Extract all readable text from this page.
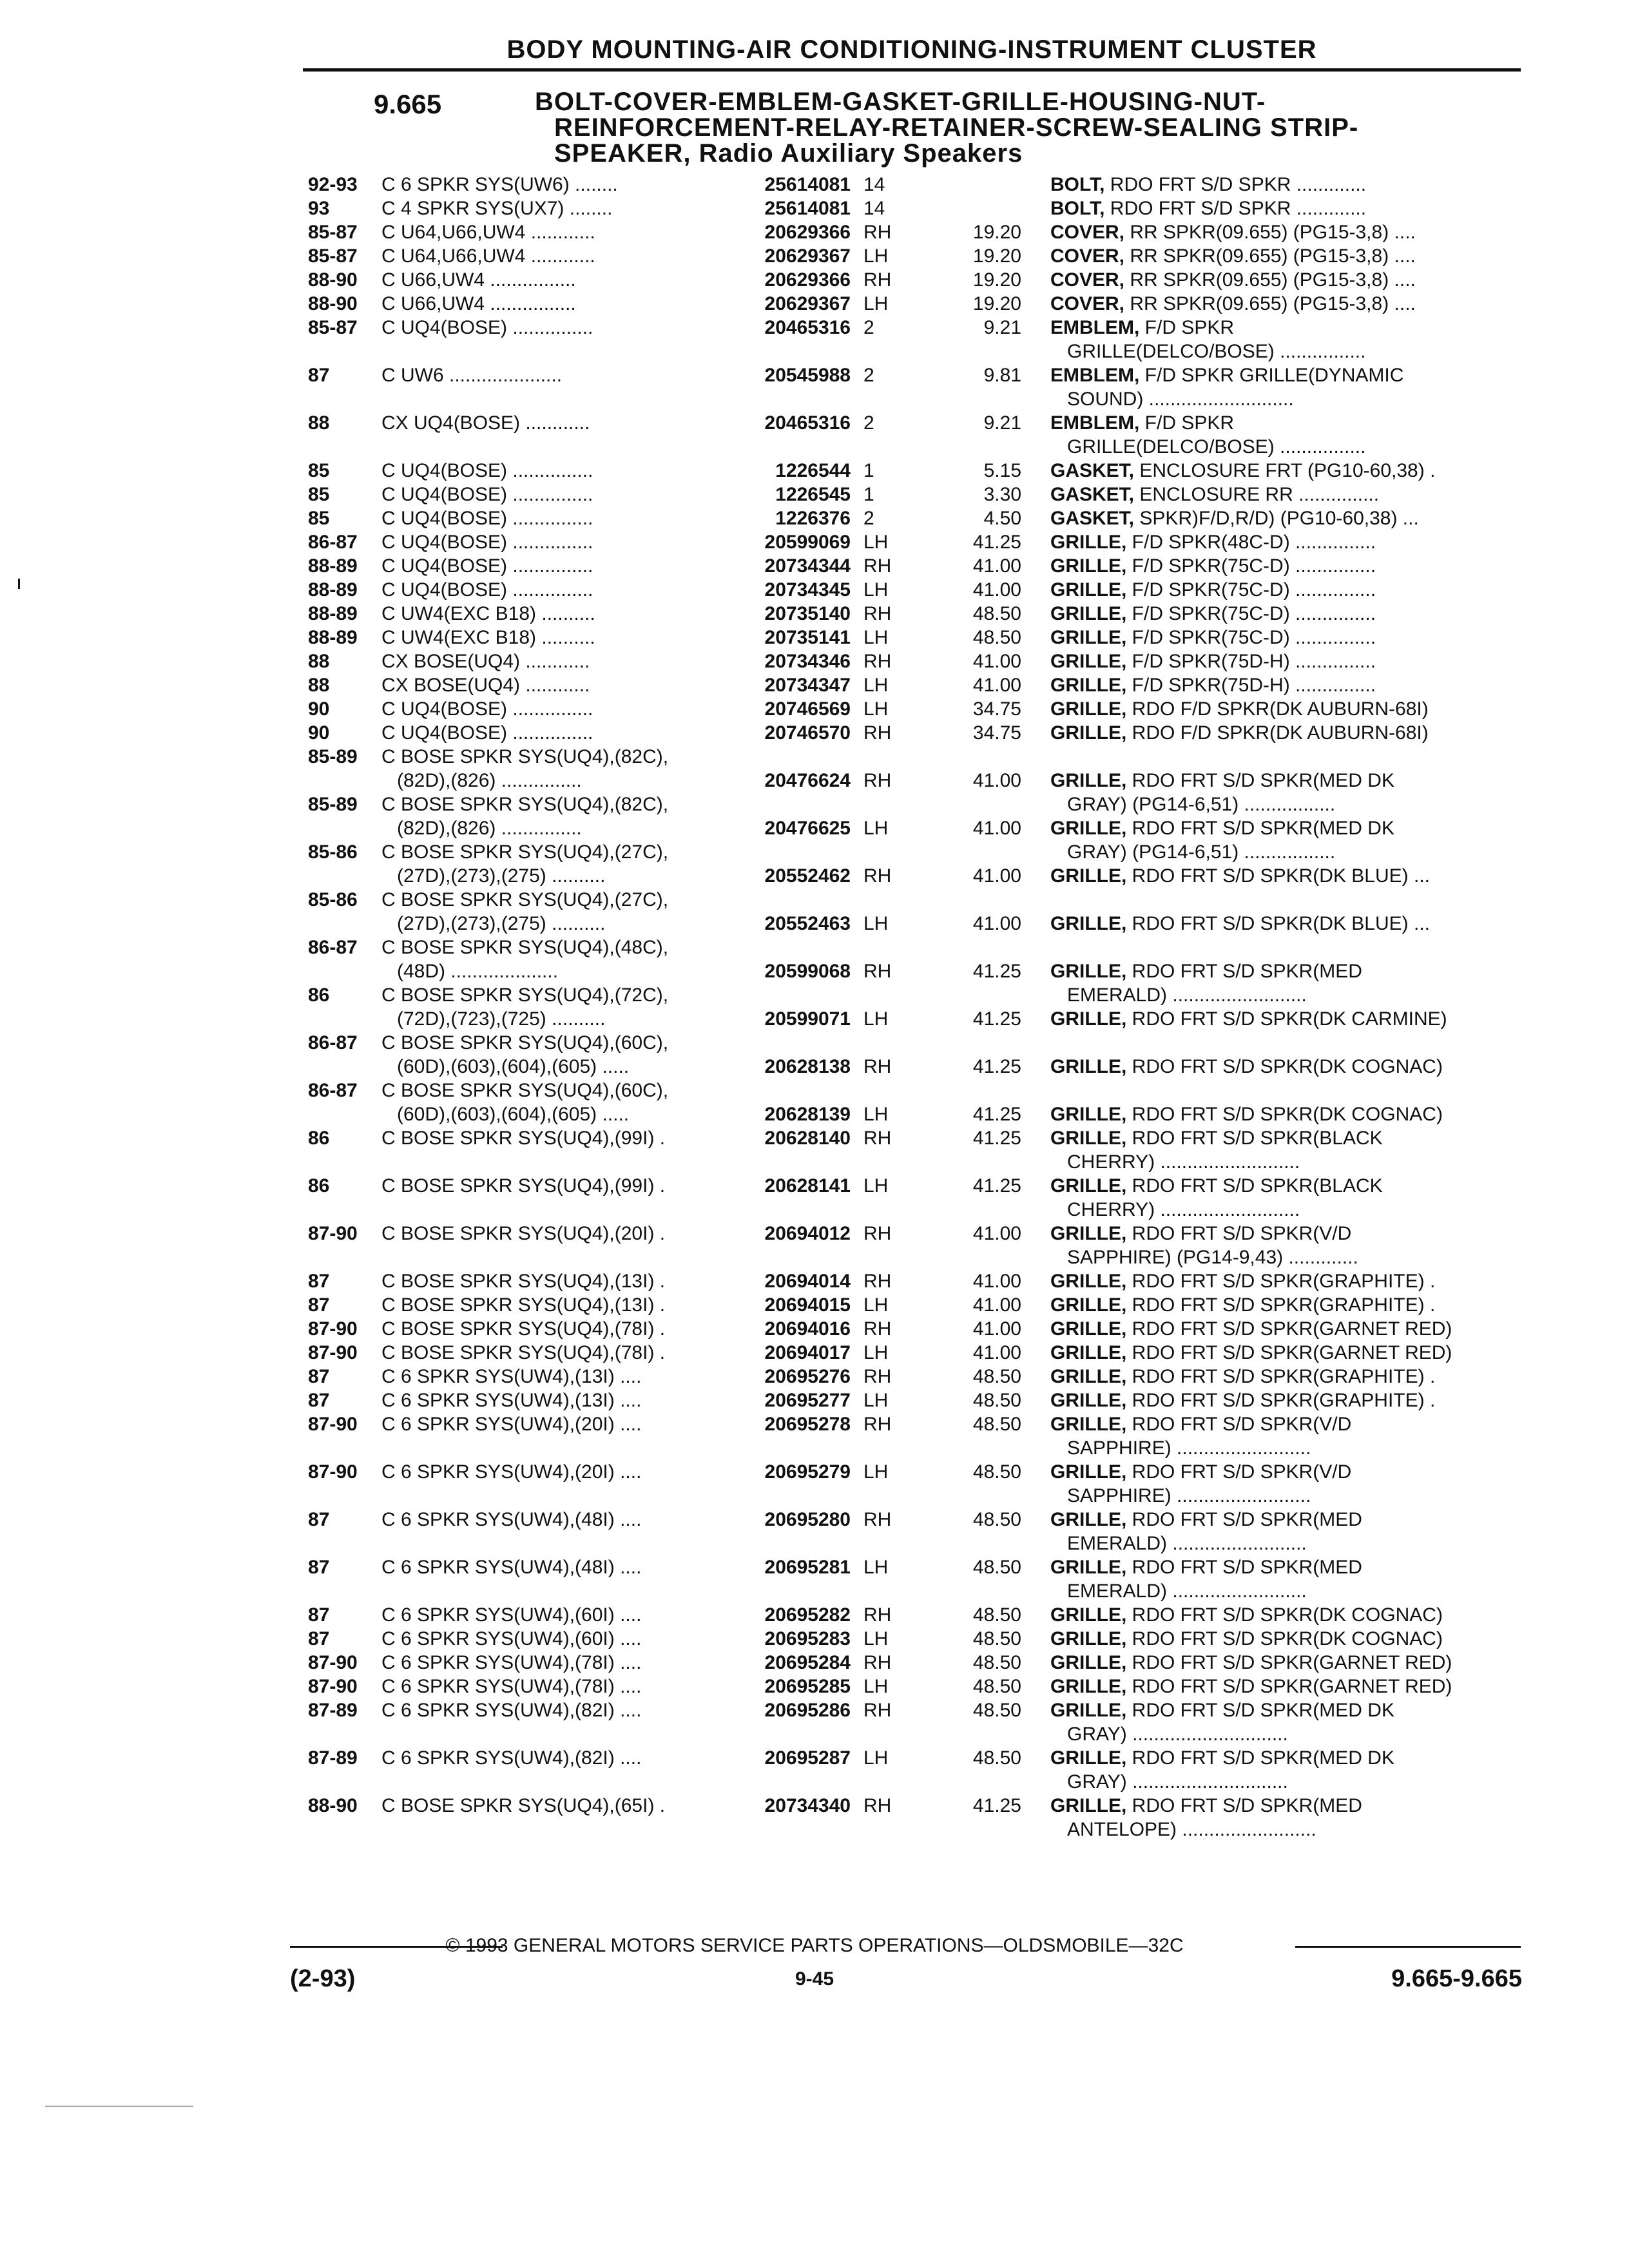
BODY MOUNTING-AIR CONDITIONING-INSTRUMENT CLUSTER
9.665	BOLT-COVER-EMBLEM-GASKET-GRILLE-HOUSING-NUT-
REINFORCEMENT-RELAY-RETAINER-SCREW-SEALING STRIP-
SPEAKER, Radio Auxiliary Speakers
92-93	C 6 SPKR SYS(UW6) ........	25614081 14	BOLT, RDO FRT S/D SPKR .............
93	C 4 SPKR SYS(UX7) ........	25614081 14	BOLT, RDO FRT S/D SPKR .............
85-87	C U64,U66,UW4 ............	20629366 RH	19.20 COVER, RR SPKR(09.655) (PG15-3,8) ....
85-87	C U64,U66,UW4 ............	20629367 LH	19.20 COVER, RR SPKR(09.655) (PG15-3,8) ....
88-90	C U66,UW4 ................	20629366 RH	19.20 COVER, RR SPKR(09.655) (PG15-3,8) ....
88-90	C U66,UW4 ................	20629367 LH	19.20 COVER, RR SPKR(09.655) (PG15-3,8) ....
85-87	C UQ4(BOSE) ...............	20465316 2	9.21 EMBLEM, F/D SPKR
GRILLE(DELCO/BOSE) ................
87	C UW6 .....................	20545988 2	9.81 EMBLEM, F/D SPKR GRILLE(DYNAMIC
SOUND) ...........................
88	CX UQ4(BOSE) ............	20465316 2	9.21 EMBLEM, F/D SPKR
GRILLE(DELCO/BOSE) ................
85	C UQ4(BOSE) ...............	1226544 1	5.15 GASKET, ENCLOSURE FRT (PG10-60,38) .
85	C UQ4(BOSE) ...............	1226545 1	3.30 GASKET, ENCLOSURE RR ...............
85	C UQ4(BOSE) ...............	1226376 2	4.50 GASKET, SPKR)F/D,R/D) (PG10-60,38) ...
86-87	C UQ4(BOSE) ...............	20599069 LH	41.25 GRILLE, F/D SPKR(48C-D) ...............
88-89	C UQ4(BOSE) ...............	20734344 RH	41.00 GRILLE, F/D SPKR(75C-D) ...............
88-89	C UQ4(BOSE) ...............	20734345 LH	41.00 GRILLE, F/D SPKR(75C-D) ...............
88-89	C UW4(EXC B18) ..........	20735140 RH	48.50 GRILLE, F/D SPKR(75C-D) ...............
88-89	C UW4(EXC B18) ..........	20735141 LH	48.50 GRILLE, F/D SPKR(75C-D) ...............
88	CX BOSE(UQ4) ............	20734346 RH	41.00 GRILLE, F/D SPKR(75D-H) ...............
88	CX BOSE(UQ4) ............	20734347 LH	41.00 GRILLE, F/D SPKR(75D-H) ...............
90	C UQ4(BOSE) ...............	20746569 LH	34.75 GRILLE, RDO F/D SPKR(DK AUBURN-68I)
90	C UQ4(BOSE) ...............	20746570 RH	34.75 GRILLE, RDO F/D SPKR(DK AUBURN-68I)
85-89	C BOSE SPKR SYS(UQ4),(82C),
(82D),(826) ...............	20476624 RH	41.00 GRILLE, RDO FRT S/D SPKR(MED DK
GRAY) (PG14-6,51) .................
85-89	C BOSE SPKR SYS(UQ4),(82C),
(82D),(826) ...............	20476625 LH	41.00 GRILLE, RDO FRT S/D SPKR(MED DK
GRAY) (PG14-6,51) .................
85-86	C BOSE SPKR SYS(UQ4),(27C),
(27D),(273),(275) ..........	20552462 RH	41.00 GRILLE, RDO FRT S/D SPKR(DK BLUE) ...
85-86	C BOSE SPKR SYS(UQ4),(27C),
(27D),(273),(275) ..........	20552463 LH	41.00 GRILLE, RDO FRT S/D SPKR(DK BLUE) ...
86-87	C BOSE SPKR SYS(UQ4),(48C),
(48D) ....................	20599068 RH	41.25 GRILLE, RDO FRT S/D SPKR(MED
EMERALD) .........................
86	C BOSE SPKR SYS(UQ4),(72C),
(72D),(723),(725) ..........	20599071 LH	41.25 GRILLE, RDO FRT S/D SPKR(DK CARMINE)
86-87	C BOSE SPKR SYS(UQ4),(60C),
(60D),(603),(604),(605) .....	20628138 RH	41.25 GRILLE, RDO FRT S/D SPKR(DK COGNAC)
86-87	C BOSE SPKR SYS(UQ4),(60C),
(60D),(603),(604),(605) .....	20628139 LH	41.25 GRILLE, RDO FRT S/D SPKR(DK COGNAC)
86	C BOSE SPKR SYS(UQ4),(99I) .	20628140 RH	41.25 GRILLE, RDO FRT S/D SPKR(BLACK
CHERRY) ..........................
86	C BOSE SPKR SYS(UQ4),(99I) .	20628141 LH	41.25 GRILLE, RDO FRT S/D SPKR(BLACK
CHERRY) ..........................
87-90	C BOSE SPKR SYS(UQ4),(20I) .	20694012 RH	41.00 GRILLE, RDO FRT S/D SPKR(V/D
SAPPHIRE) (PG14-9,43) .............
87	C BOSE SPKR SYS(UQ4),(13I) .	20694014 RH	41.00 GRILLE, RDO FRT S/D SPKR(GRAPHITE) .
87	C BOSE SPKR SYS(UQ4),(13I) .	20694015 LH	41.00 GRILLE, RDO FRT S/D SPKR(GRAPHITE) .
87-90	C BOSE SPKR SYS(UQ4),(78I) .	20694016 RH	41.00 GRILLE, RDO FRT S/D SPKR(GARNET RED)
87-90	C BOSE SPKR SYS(UQ4),(78I) .	20694017 LH	41.00 GRILLE, RDO FRT S/D SPKR(GARNET RED)
87	C 6 SPKR SYS(UW4),(13I) ....	20695276 RH	48.50 GRILLE, RDO FRT S/D SPKR(GRAPHITE) .
87	C 6 SPKR SYS(UW4),(13I) ....	20695277 LH	48.50 GRILLE, RDO FRT S/D SPKR(GRAPHITE) .
87-90	C 6 SPKR SYS(UW4),(20I) ....	20695278 RH	48.50 GRILLE, RDO FRT S/D SPKR(V/D
SAPPHIRE) .........................
87-90	C 6 SPKR SYS(UW4),(20I) ....	20695279 LH	48.50 GRILLE, RDO FRT S/D SPKR(V/D
SAPPHIRE) .........................
87	C 6 SPKR SYS(UW4),(48I) ....	20695280 RH	48.50 GRILLE, RDO FRT S/D SPKR(MED
EMERALD) .........................
87	C 6 SPKR SYS(UW4),(48I) ....	20695281 LH	48.50 GRILLE, RDO FRT S/D SPKR(MED
EMERALD) .........................
87	C 6 SPKR SYS(UW4),(60I) ....	20695282 RH	48.50 GRILLE, RDO FRT S/D SPKR(DK COGNAC)
87	C 6 SPKR SYS(UW4),(60I) ....	20695283 LH	48.50 GRILLE, RDO FRT S/D SPKR(DK COGNAC)
87-90	C 6 SPKR SYS(UW4),(78I) ....	20695284 RH	48.50 GRILLE, RDO FRT S/D SPKR(GARNET RED)
87-90	C 6 SPKR SYS(UW4),(78I) ....	20695285 LH	48.50 GRILLE, RDO FRT S/D SPKR(GARNET RED)
87-89	C 6 SPKR SYS(UW4),(82I) ....	20695286 RH	48.50 GRILLE, RDO FRT S/D SPKR(MED DK
GRAY) .............................
87-89	C 6 SPKR SYS(UW4),(82I) ....	20695287 LH	48.50 GRILLE, RDO FRT S/D SPKR(MED DK
GRAY) .............................
88-90	C BOSE SPKR SYS(UQ4),(65I) .	20734340 RH	41.25 GRILLE, RDO FRT S/D SPKR(MED
ANTELOPE) .........................
© 1993 GENERAL MOTORS SERVICE PARTS OPERATIONS—OLDSMOBILE—32C
(2-93)	9-45	9.665-9.665
